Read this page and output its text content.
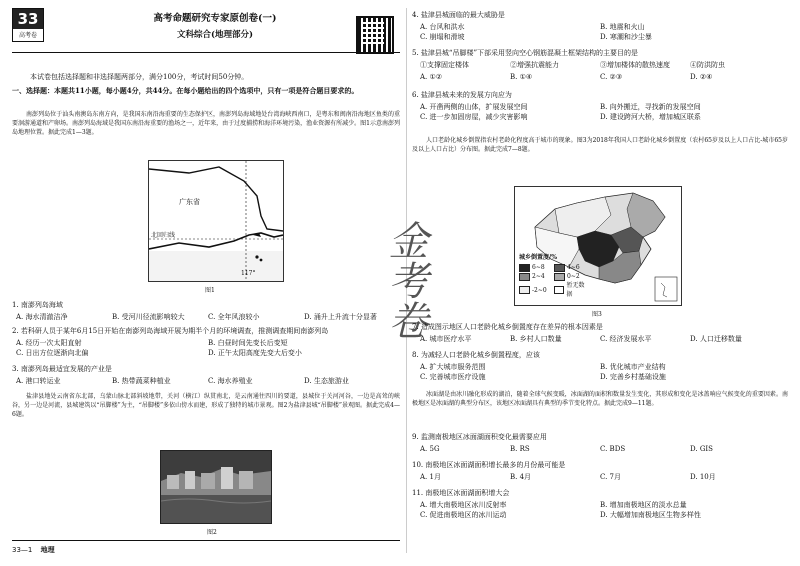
33
高考卷
高考命题研究专家原创卷(一)
文科综合(地理部分)
本试卷包括选择题和非选择题两部分，满分100分，考试时间50分钟。
一、选择题：本题共11小题，每小题4分，共44分。在每小题给出的四个选项中，只有一项是符合题目要求的。
南澎列岛位于汕头南澳岛东南方向，是我国东南沿海重要的生态保护区，南澎列岛海域地处台湾海峡西南口，是粤东和闽南沿海地区鱼类的重要洄游通道和产卵场。南澎列岛海域是我国东南沿海重要的渔场之一，近年来，由于过度捕捞和海洋环境污染，渔业资源有所减少。图1示意南澎列岛地理位置。据此完成1—3题。
广东省
北回归线
117°
图1
1. 南澎列岛海域
A. 海水清澈洁净	B. 受河川径流影响较大	C. 全年风浪较小	D. 涌升上升流十分显著
2. 若科研人员于某年6月15日开始在南澎列岛海域开展为期半个月的环境调查，推测调查期间南澎列岛
A. 经历一次太阳直射	B. 白昼时间先变长后变短
C. 日出方位逐渐向北偏	D. 正午太阳高度先变大后变小
3. 南澎列岛最适宜发展的产业是
A. 港口转运业	B. 热带蔬菜种植业	C. 海水养殖业	D. 生态旅游业
盐津县地处云南省东北部，乌蒙山脉北部斜坡地带，关河（横江）纵贯南北，是云南通往四川的要道，县城位于关河河谷，一边是高耸的峡谷，另一边是河流，县城建筑以“吊脚楼”为主，“吊脚楼”多依山傍水而建，形成了独特的城市景观。图2为盐津县城“吊脚楼”景观图。据此完成4—6题。
图2
33—1 地理
4. 盐津县城面临的最大威胁是
A. 台风和洪水	B. 地震和火山
C. 崩塌和滑坡	D. 寒潮和沙尘暴
5. 盐津县城“吊脚楼”下部采用竖向空心钢筋混凝土框架结构的主要目的是
①支撑固定楼体	②增强抗震能力	③增加楼体的散热速度	④防洪防虫
A. ①②	B. ①④	C. ②③	D. ②④
6. 盐津县城未来的发展方向应为
A. 开凿两侧的山体，扩展发展空间	B. 向外搬迁，寻找新的发展空间
C. 进一步加固房屋，减少灾害影响	D. 建设跨河大桥，增加城区联系
人口老龄化城乡倒置指农村老龄化程度高于城市的现象。图3为2018年我国人口老龄化城乡倒置度（农村65岁及以上人口占比-城市65岁及以上人口占比）分布图。据此完成7—8题。
城乡倒置度/%
6~8	4~6
2~4	0~2
-2~0
暂无数据
图3
金考卷
7. 造成图示地区人口老龄化城乡倒置度存在差异的根本因素是
A. 城市医疗水平	B. 乡村人口数量	C. 经济发展水平	D. 人口迁移数量
8. 为减轻人口老龄化城乡倒置程度，应该
A. 扩大城市服务范围	B. 优化城市产业结构
C. 完善城市医疗设施	D. 完善乡村基础设施
冰面湖是由冰川融化形成的湖泊，随着全球气候变暖，冰面湖的面积和数量发生变化，其形成和变化是冰盖响应气候变化的重要因素。南极地区是冰面湖的典型分布区，该地区冰面湖具有典型的季节变化特点。据此完成9—11题。
9. 监测南极地区冰面湖面积变化最需要应用
A. 5G	B. RS	C. BDS	D. GIS
10. 南极地区冰面湖面积增长最多的月份最可能是
A. 1月	B. 4月	C. 7月	D. 10月
11. 南极地区冰面湖面积增大会
A. 增大南极地区冰川反射率	B. 增加南极地区的淡水总量
C. 促进南极地区的冰川运动	D. 大幅增加南极地区生物多样性
